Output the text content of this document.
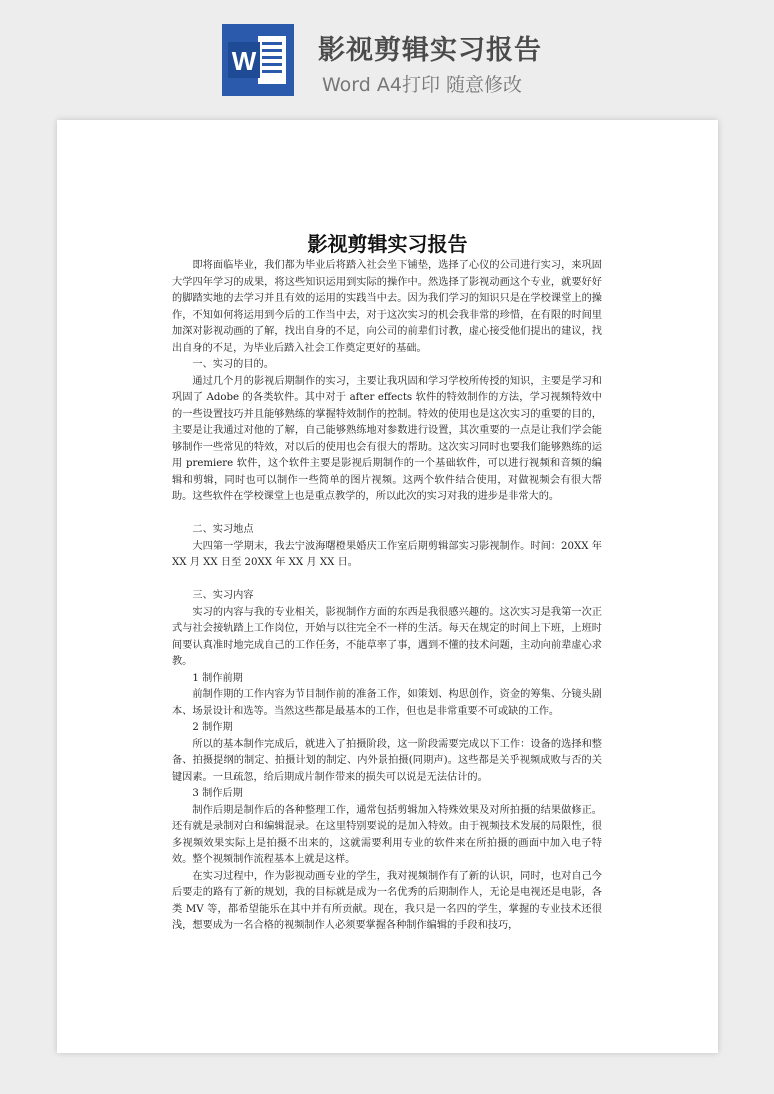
W 影视剪辑实习报告
Word A4打印 随意修改
影视剪辑实习报告

即将面临毕业，我们都为毕业后将踏入社会坐下铺垫，选择了心仪的公司进行实习，来巩固大学四年学习的成果，将这些知识运用到实际的操作中。然选择了影视动画这个专业，就要好好的脚踏实地的去学习并且有效的运用的实践当中去。因为我们学习的知识只是在学校课堂上的操作，不知如何将运用到今后的工作当中去，对于这次实习的机会我非常的珍惜，在有限的时间里加深对影视动画的了解，找出自身的不足，向公司的前辈们讨教，虚心接受他们提出的建议，找出自身的不足，为毕业后踏入社会工作奠定更好的基础。

一、实习的目的。

通过几个月的影视后期制作的实习，主要让我巩固和学习学校所传授的知识，主要是学习和巩固了 Adobe 的各类软件。其中对于 after effects 软件的特效制作的方法，学习视频特效中的一些设置技巧并且能够熟练的掌握特效制作的控制。特效的使用也是这次实习的重要的目的，主要是让我通过对他的了解，自己能够熟练地对参数进行设置，其次重要的一点是让我们学会能够制作一些常见的特效，对以后的使用也会有很大的帮助。这次实习同时也要我们能够熟练的运用 premiere 软件，这个软件主要是影视后期制作的一个基础软件，可以进行视频和音频的编辑和剪辑，同时也可以制作一些简单的图片视频。这两个软件结合使用，对做视频会有很大帮助。这些软件在学校课堂上也是重点教学的，所以此次的实习对我的进步是非常大的。

二、实习地点

大四第一学期末，我去宁波海曙橙果婚庆工作室后期剪辑部实习影视制作。时间：20XX 年 XX 月 XX 日至 20XX 年 XX 月 XX 日。

三、实习内容

实习的内容与我的专业相关，影视制作方面的东西是我很感兴趣的。这次实习是我第一次正式与社会接轨踏上工作岗位，开始与以往完全不一样的生活。每天在规定的时间上下班，上班时间要认真准时地完成自己的工作任务，不能草率了事，遇到不懂的技术问题，主动向前辈虚心求教。

1 制作前期

前制作期的工作内容为节目制作前的准备工作，如策划、构思创作，资金的筹集、分镜头剧本、场景设计和选等。当然这些都是最基本的工作，但也是非常重要不可或缺的工作。

2 制作期

所以的基本制作完成后，就进入了拍摄阶段，这一阶段需要完成以下工作：设备的选择和整备、拍摄提纲的制定、拍摄计划的制定、内外景拍摄(同期声)。这些都是关乎视频成败与否的关键因素。一旦疏忽，给后期成片制作带来的损失可以说是无法估计的。

3 制作后期

制作后期是制作后的各种整理工作，通常包括剪辑加入特殊效果及对所拍摄的结果做修正。还有就是录制对白和编辑混录。在这里特别要说的是加入特效。由于视频技术发展的局限性，很多视频效果实际上是拍摄不出来的，这就需要利用专业的软件来在所拍摄的画面中加入电子特效。整个视频制作流程基本上就是这样。

在实习过程中，作为影视动画专业的学生，我对视频制作有了新的认识，同时，也对自己今后要走的路有了新的规划，我的目标就是成为一名优秀的后期制作人，无论是电视还是电影，各类 MV 等，都希望能乐在其中并有所贡献。现在，我只是一名四的学生，掌握的专业技术还很浅，想要成为一名合格的视频制作人必须要掌握各种制作编辑的手段和技巧，
